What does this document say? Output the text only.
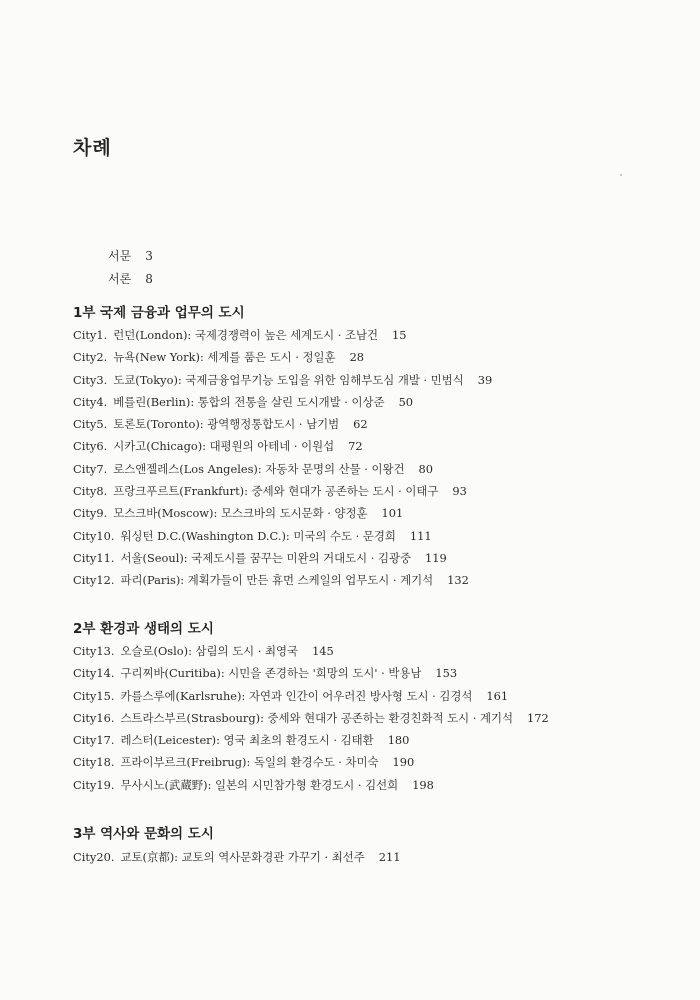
차례
서문 3
서론 8
1부 국제 금융과 업무의 도시
City1. 런던(London): 국제경쟁력이 높은 세계도시 · 조남건 15
City2. 뉴욕(New York): 세계를 품은 도시 · 정일훈 28
City3. 도쿄(Tokyo): 국제금융업무기능 도입을 위한 임해부도심 개발 · 민범식 39
City4. 베를린(Berlin): 통합의 전통을 살린 도시개발 · 이상준 50
City5. 토론토(Toronto): 광역행정통합도시 · 남기범 62
City6. 시카고(Chicago): 대평원의 아테네 · 이원섭 72
City7. 로스앤젤레스(Los Angeles): 자동차 문명의 산물 · 이왕건 80
City8. 프랑크푸르트(Frankfurt): 중세와 현대가 공존하는 도시 · 이태구 93
City9. 모스크바(Moscow): 모스크바의 도시문화 · 양정훈 101
City10. 워싱턴 D.C.(Washington D.C.): 미국의 수도 · 문경희 111
City11. 서울(Seoul): 국제도시를 꿈꾸는 미완의 거대도시 · 김광중 119
City12. 파리(Paris): 계획가들이 만든 휴먼 스케일의 업무도시 · 계기석 132
2부 환경과 생태의 도시
City13. 오슬로(Oslo): 삼림의 도시 · 최영국 145
City14. 구리찌바(Curitiba): 시민을 존경하는 '희망의 도시' · 박용남 153
City15. 카를스루에(Karlsruhe): 자연과 인간이 어우러진 방사형 도시 · 김경석 161
City16. 스트라스부르(Strasbourg): 중세와 현대가 공존하는 환경친화적 도시 · 계기석 172
City17. 레스터(Leicester): 영국 최초의 환경도시 · 김태환 180
City18. 프라이부르크(Freibrug): 독일의 환경수도 · 차미숙 190
City19. 무사시노(武蔵野): 일본의 시민참가형 환경도시 · 김선희 198
3부 역사와 문화의 도시
City20. 교토(京都): 교토의 역사문화경관 가꾸기 · 최선주 211
